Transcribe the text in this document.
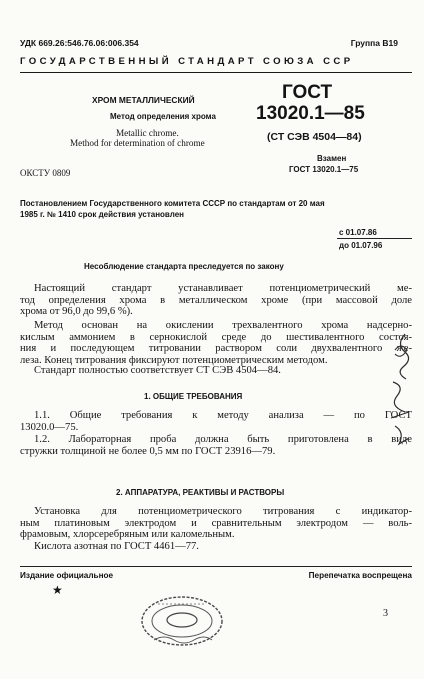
УДК 669.26:546.76.06:006.354	Группа В19
ГОСУДАРСТВЕННЫЙ СТАНДАРТ СОЮЗА ССР
ХРОМ МЕТАЛЛИЧЕСКИЙ
Метод определения хрома
Metallic chrome.
Method for determination of chrome
ГОСТ
13020.1—85
(СТ СЭВ 4504—84)
Взамен
ГОСТ 13020.1—75
ОКСТУ 0809
Постановлением Государственного комитета СССР по стандартам от 20 мая
1985 г. № 1410 срок действия установлен
с 01.07.86
до 01.07.96
Несоблюдение стандарта преследуется по закону
Настоящий стандарт устанавливает потенциометрический ме-
тод определения хрома в металлическом хроме (при массовой доле
хрома от 96,0 до 99,6 %).
Метод основан на окислении трехвалентного хрома надсерно-
кислым аммонием в сернокислой среде до шестивалентного состоя-
ния и последующем титровании раствором соли двухвалентного же-
леза. Конец титрования фиксируют потенциометрическим методом.
Стандарт полностью соответствует СТ СЭВ 4504—84.
1. ОБЩИЕ ТРЕБОВАНИЯ
1.1. Общие требования к методу анализа — по ГОСТ
13020.0—75.
1.2. Лабораторная проба должна быть приготовлена в виде
стружки толщиной не более 0,5 мм по ГОСТ 23916—79.
2. АППАРАТУРА, РЕАКТИВЫ И РАСТВОРЫ
Установка для потенциометрического титрования с индикатор-
ным платиновым электродом и сравнительным электродом — воль-
фрамовым, хлорсеребряным или каломельным.
Кислота азотная по ГОСТ 4461—77.
Издание официальное	Перепечатка воспрещена
★
3
